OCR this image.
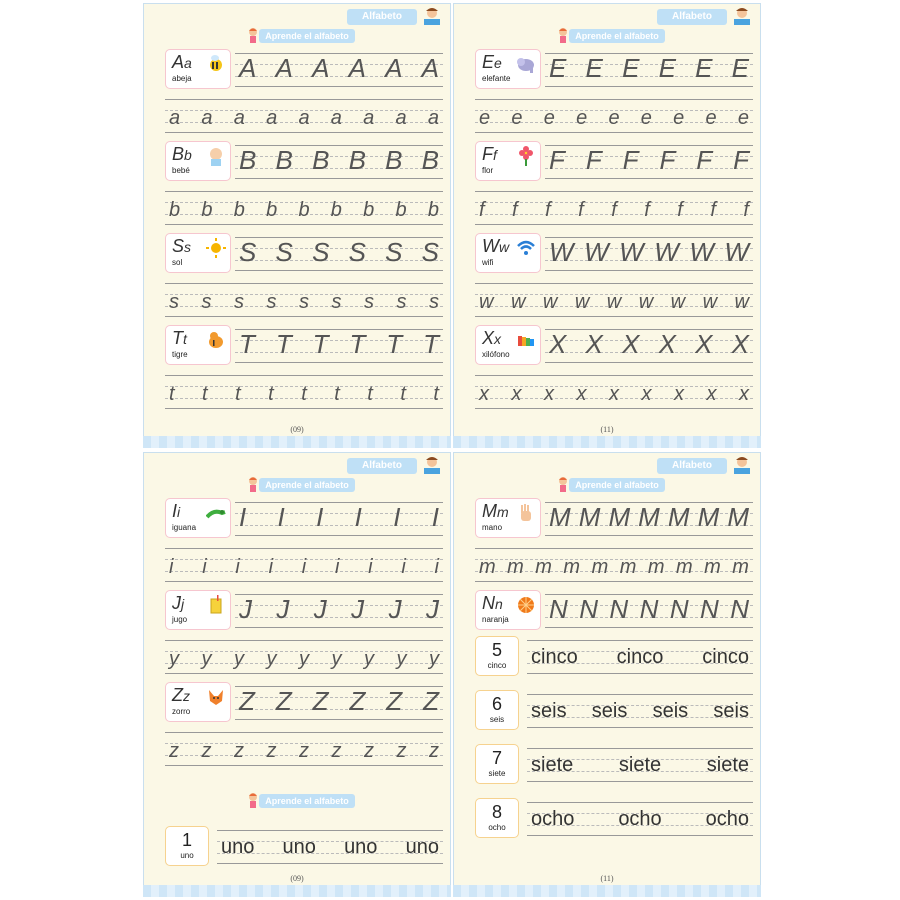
Alfabeto
Aprende el alfabeto
Aa
abeja A A A A A A
a a a a a a a a a
Bb
bebé B B B B B B
b b b b b b b b b
Ss
sol S S S S S S
s s s s s s s s s
Tt
tigre T T T T T T
t t t t t t t t t
(09)
Alfabeto
Aprende el alfabeto
Ee
elefante E E E E E E
e e e e e e e e e
Ff
flor F F F F F F
f f f f f f f f f
Ww
wifi W W W W W W
w w w w w w w w w
Xx
xilófono X X X X X X
x x x x x x x x x
(11)
Alfabeto
Aprende el alfabeto
Ii
iguana I I I I I I
i i i i i i i i i
Jj
jugo J J J J J J
y y y y y y y y y
Zz
zorro Z Z Z Z Z Z
z z z z z z z z z
1
uno	uno uno uno uno
Aprende el alfabeto
(09)
Alfabeto
Aprende el alfabeto
Mm
mano M M M M M M M
m m m m m m m m m m
Nn
naranja N N N N N N N
5
cinco	cinco cinco cinco
6
seis	seis seis seis seis
7
siete	siete siete siete
8
ocho	ocho ocho ocho
(11)
